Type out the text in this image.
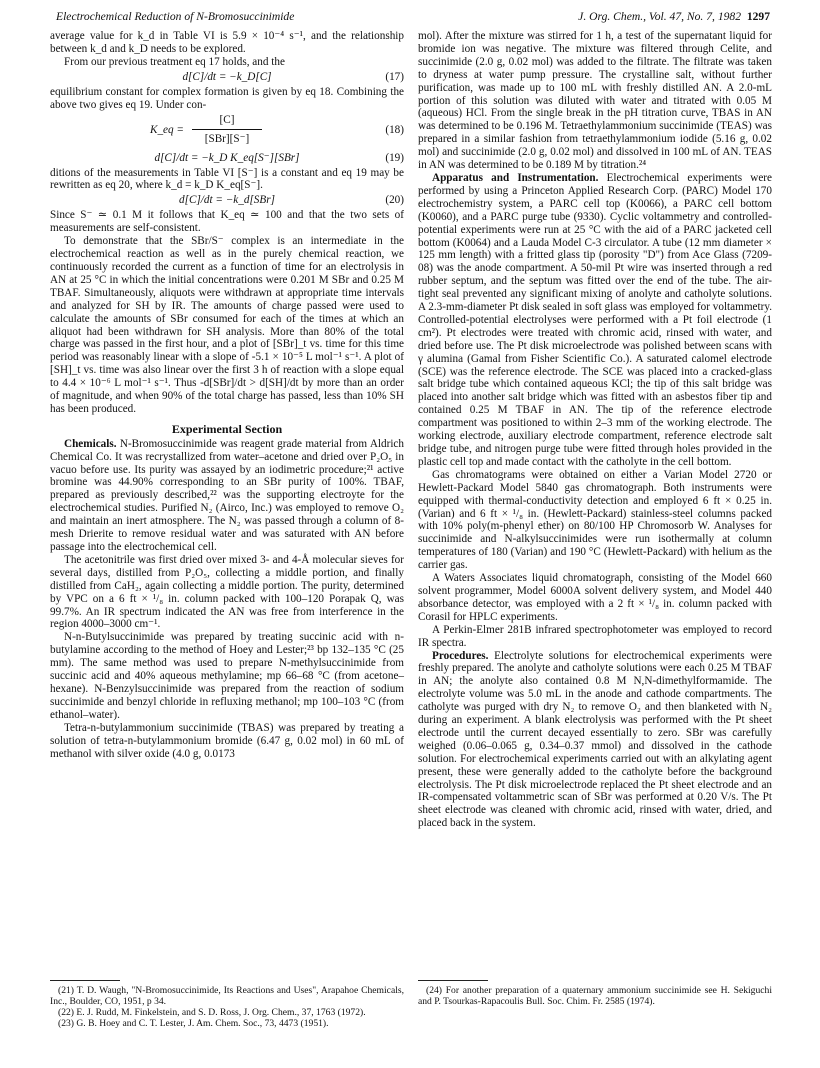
Electrochemical Reduction of N-Bromosuccinimide	J. Org. Chem., Vol. 47, No. 7, 1982 1297

average value for k_d in Table VI is 5.9 × 10⁻⁴ s⁻¹, and the relationship between k_d and k_D needs to be explored.

From our previous treatment eq 17 holds, and the

d[C]/dt = −k_D[C]	(17)

equilibrium constant for complex formation is given by eq 18. Combining the above two gives eq 19. Under con-

K_eq =
[C]
[SBr][S⁻]
(18)
d[C]/dt = −k_D K_eq[S⁻][SBr]	(19)

ditions of the measurements in Table VI [S⁻] is a constant and eq 19 may be rewritten as eq 20, where k_d = k_D K_eq[S⁻].

d[C]/dt = −k_d[SBr]	(20)

Since S⁻ ≃ 0.1 M it follows that K_eq ≃ 100 and that the two sets of measurements are self-consistent.

To demonstrate that the SBr/S⁻ complex is an intermediate in the electrochemical reaction as well as in the purely chemical reaction, we continuously recorded the current as a function of time for an electrolysis in AN at 25 °C in which the initial concentrations were 0.201 M SBr and 0.25 M TBAF. Simultaneously, aliquots were withdrawn at appropriate time intervals and analyzed for SH by IR. The amounts of charge passed were used to calculate the amounts of SBr consumed for each of the times at which an aliquot had been withdrawn for SH analysis. More than 80% of the total charge was passed in the first hour, and a plot of [SBr]_t vs. time for this time period was reasonably linear with a slope of -5.1 × 10⁻⁵ L mol⁻¹ s⁻¹. A plot of [SH]_t vs. time was also linear over the first 3 h of reaction with a slope equal to 4.4 × 10⁻⁶ L mol⁻¹ s⁻¹. Thus -d[SBr]/dt > d[SH]/dt by more than an order of magnitude, and when 90% of the total charge has passed, less than 10% SH has been produced.

Experimental Section

Chemicals. N-Bromosuccinimide was reagent grade material from Aldrich Chemical Co. It was recrystallized from water–acetone and dried over P₂O₅ in vacuo before use. Its purity was assayed by an iodimetric procedure;²¹ active bromine was 44.90% corresponding to an SBr purity of 100%. TBAF, prepared as previously described,²² was the supporting electroyte for the electrochemical studies. Purified N₂ (Airco, Inc.) was employed to remove O₂ and maintain an inert atmosphere. The N₂ was passed through a column of 8-mesh Drierite to remove residual water and was saturated with AN before passage into the electrochemical cell.

The acetonitrile was first dried over mixed 3- and 4-Å molecular sieves for several days, distilled from P₂O₅, collecting a middle portion, and finally distilled from CaH₂, again collecting a middle portion. The purity, determined by VPC on a 6 ft × ¹/₈ in. column packed with 100–120 Porapak Q, was 99.7%. An IR spectrum indicated the AN was free from interference in the region 4000–3000 cm⁻¹.

N-n-Butylsuccinimide was prepared by treating succinic acid with n-butylamine according to the method of Hoey and Lester;²³ bp 132–135 °C (25 mm). The same method was used to prepare N-methylsuccinimide from succinic acid and 40% aqueous methylamine; mp 66–68 °C (from acetone–hexane). N-Benzylsuccinimide was prepared from the reaction of sodium succinimide and benzyl chloride in refluxing methanol; mp 100–103 °C (from ethanol–water).

Tetra-n-butylammonium succinimide (TBAS) was prepared by treating a solution of tetra-n-butylammonium bromide (6.47 g, 0.02 mol) in 60 mL of methanol with silver oxide (4.0 g, 0.0173

mol). After the mixture was stirred for 1 h, a test of the supernatant liquid for bromide ion was negative. The mixture was filtered through Celite, and succinimide (2.0 g, 0.02 mol) was added to the filtrate. The filtrate was taken to dryness at water pump pressure. The crystalline salt, without further purification, was made up to 100 mL with freshly distilled AN. A 2.0-mL portion of this solution was diluted with water and titrated with 0.05 M (aqueous) HCl. From the single break in the pH titration curve, TBAS in AN was determined to be 0.196 M. Tetraethylammonium succinimide (TEAS) was prepared in a similar fashion from tetraethylammonium iodide (5.16 g, 0.02 mol) and succinimide (2.0 g, 0.02 mol) and dissolved in 100 mL of AN. TEAS in AN was determined to be 0.189 M by titration.²⁴

Apparatus and Instrumentation. Electrochemical experiments were performed by using a Princeton Applied Research Corp. (PARC) Model 170 electrochemistry system, a PARC cell top (K0066), a PARC cell bottom (K0060), and a PARC purge tube (9330). Cyclic voltammetry and controlled-potential experiments were run at 25 °C with the aid of a PARC jacketed cell bottom (K0064) and a Lauda Model C-3 circulator. A tube (12 mm diameter × 125 mm length) with a fritted glass tip (porosity "D") from Ace Glass (7209-08) was the anode compartment. A 50-mil Pt wire was inserted through a red rubber septum, and the septum was fitted over the end of the tube. The air-tight seal prevented any significant mixing of anolyte and catholyte solutions. A 2.3-mm-diameter Pt disk sealed in soft glass was employed for voltammetry. Controlled-potential electrolyses were performed with a Pt foil electrode (1 cm²). Pt electrodes were treated with chromic acid, rinsed with water, and dried before use. The Pt disk microelectrode was polished between scans with γ alumina (Gamal from Fisher Scientific Co.). A saturated calomel electrode (SCE) was the reference electrode. The SCE was placed into a cracked-glass salt bridge tube which contained aqueous KCl; the tip of this salt bridge was placed into another salt bridge which was fitted with an asbestos fiber tip and contained 0.25 M TBAF in AN. The tip of the reference electrode compartment was positioned to within 2–3 mm of the working electrode. The working electrode, auxiliary electrode compartment, reference electrode salt bridge tube, and nitrogen purge tube were fitted through holes provided in the plastic cell top and made contact with the catholyte in the cell bottom.

Gas chromatograms were obtained on either a Varian Model 2720 or Hewlett-Packard Model 5840 gas chromatograph. Both instruments were equipped with thermal-conductivity detection and employed 6 ft × 0.25 in. (Varian) and 6 ft × ¹/₈ in. (Hewlett-Packard) stainless-steel columns packed with 10% poly(m-phenyl ether) on 80/100 HP Chromosorb W. Analyses for succinimide and N-alkylsuccinimides were run isothermally at column temperatures of 180 (Varian) and 190 °C (Hewlett-Packard) with helium as the carrier gas.

A Waters Associates liquid chromatograph, consisting of the Model 660 solvent programmer, Model 6000A solvent delivery system, and Model 440 absorbance detector, was employed with a 2 ft × ¹/₈ in. column packed with Corasil for HPLC experiments.

A Perkin-Elmer 281B infrared spectrophotometer was employed to record IR spectra.

Procedures. Electrolyte solutions for electrochemical experiments were freshly prepared. The anolyte and catholyte solutions were each 0.25 M TBAF in AN; the anolyte also contained 0.8 M N,N-dimethylformamide. The electrolyte volume was 5.0 mL in the anode and cathode compartments. The catholyte was purged with dry N₂ to remove O₂ and then blanketed with N₂ during an experiment. A blank electrolysis was performed with the Pt sheet electrode until the current decayed essentially to zero. SBr was carefully weighed (0.06–0.065 g, 0.34–0.37 mmol) and dissolved in the cathode solution. For electrochemical experiments carried out with an alkylating agent present, these were generally added to the catholyte before the background electrolysis. The Pt disk microelectrode replaced the Pt sheet electrode and an IR-compensated voltammetric scan of SBr was performed at 0.20 V/s. The Pt sheet electrode was cleaned with chromic acid, rinsed with water, dried, and placed back in the system.

(21) T. D. Waugh, "N-Bromosuccinimide, Its Reactions and Uses", Arapahoe Chemicals, Inc., Boulder, CO, 1951, p 34.

(22) E. J. Rudd, M. Finkelstein, and S. D. Ross, J. Org. Chem., 37, 1763 (1972).

(23) G. B. Hoey and C. T. Lester, J. Am. Chem. Soc., 73, 4473 (1951).

(24) For another preparation of a quaternary ammonium succinimide see H. Sekiguchi and P. Tsourkas-Rapacoulis Bull. Soc. Chim. Fr. 2585 (1974).
